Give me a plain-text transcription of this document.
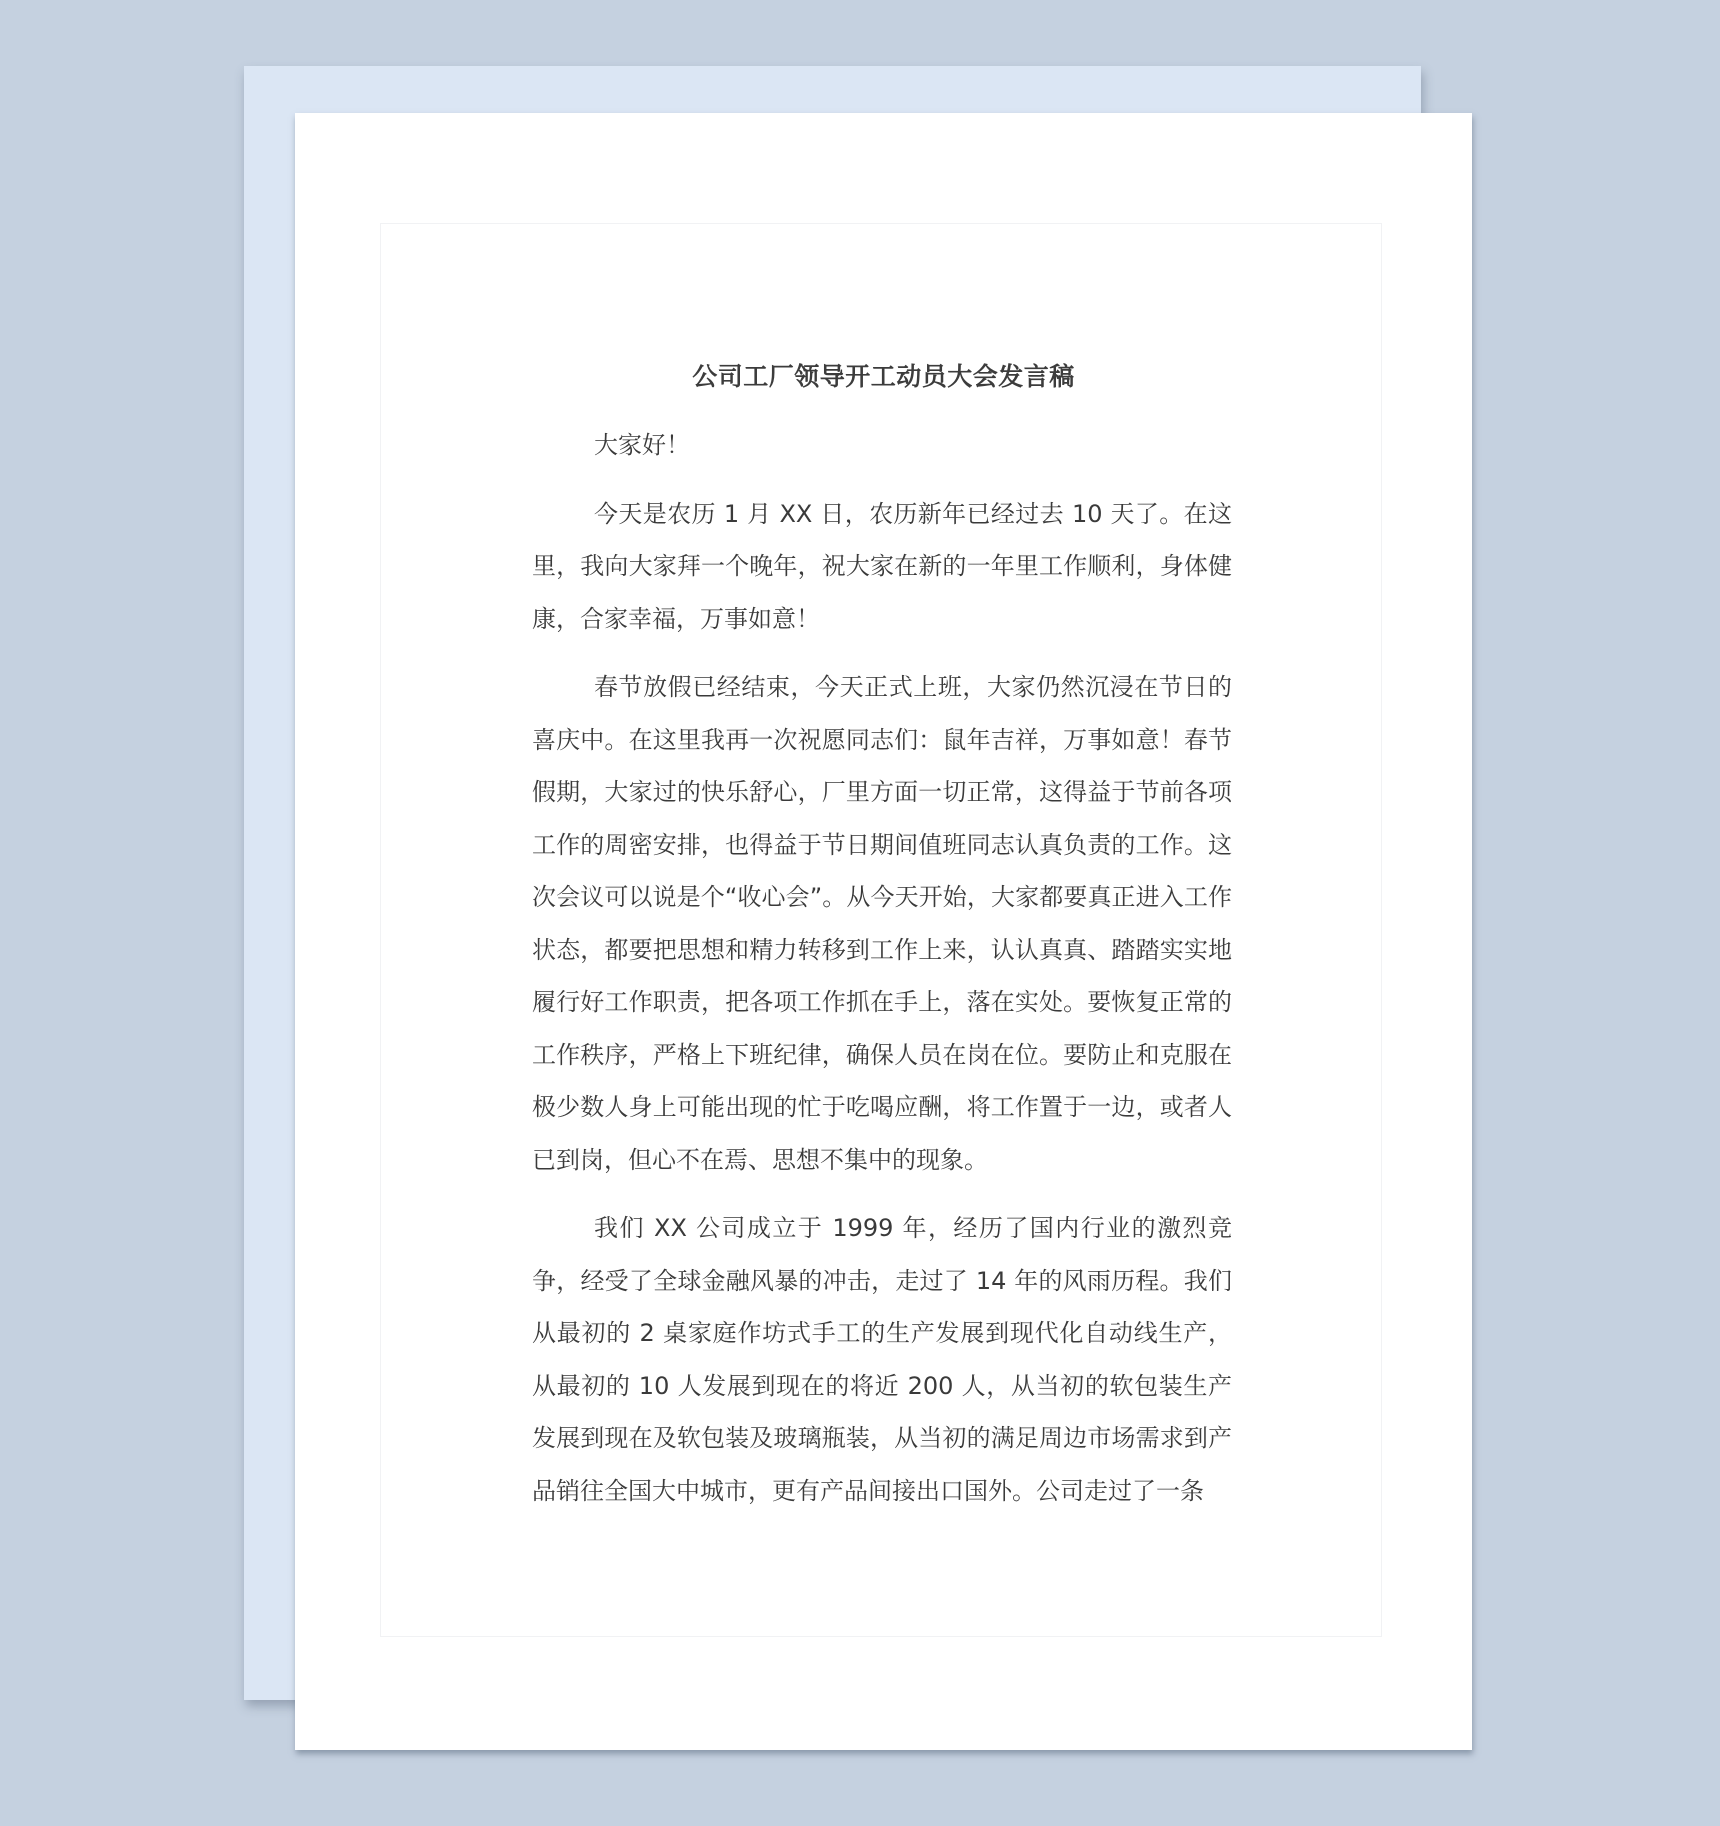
公司工厂领导开工动员大会发言稿

大家好！

今天是农历 1 月 XX 日，农历新年已经过去 10 天了。在这里，我向大家拜一个晚年，祝大家在新的一年里工作顺利，身体健康，合家幸福，万事如意！

春节放假已经结束，今天正式上班，大家仍然沉浸在节日的喜庆中。在这里我再一次祝愿同志们：鼠年吉祥，万事如意！春节假期，大家过的快乐舒心，厂里方面一切正常，这得益于节前各项工作的周密安排，也得益于节日期间值班同志认真负责的工作。这次会议可以说是个“收心会”。从今天开始，大家都要真正进入工作状态，都要把思想和精力转移到工作上来，认认真真、踏踏实实地履行好工作职责，把各项工作抓在手上，落在实处。要恢复正常的工作秩序，严格上下班纪律，确保人员在岗在位。要防止和克服在极少数人身上可能出现的忙于吃喝应酬，将工作置于一边，或者人已到岗，但心不在焉、思想不集中的现象。

我们 XX 公司成立于 1999 年，经历了国内行业的激烈竞争，经受了全球金融风暴的冲击，走过了 14 年的风雨历程。我们从最初的 2 桌家庭作坊式手工的生产发展到现代化自动线生产，从最初的 10 人发展到现在的将近 200 人，从当初的软包装生产发展到现在及软包装及玻璃瓶装，从当初的满足周边市场需求到产品销往全国大中城市，更有产品间接出口国外。公司走过了一条
